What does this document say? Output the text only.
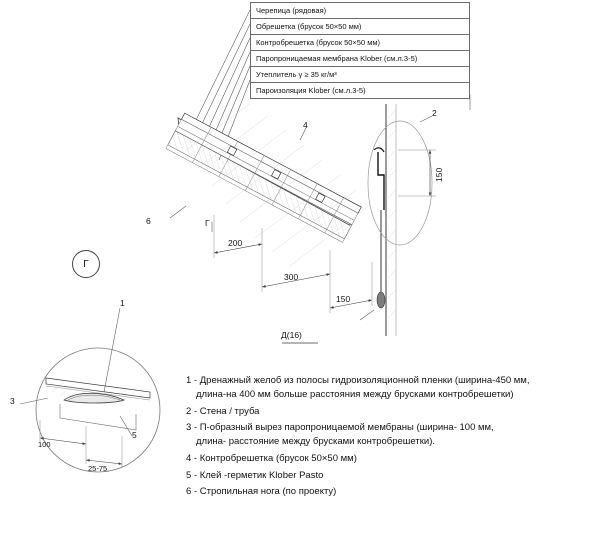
Черепица (рядовая)
Обрешетка (брусок 50×50 мм)
Контробрешетка (брусок 50×50 мм)
Паропроницаемая мембрана Klober (см.л.3-5)
Утеплитель γ ≥ 35 кг/м³
Пароизоляция Klober (см.л.3-5)
4
2
6	Г
1
3
5
Д(16)
Г
150
200
300
150
100
25-75
1 - Дренажный желоб из полосы гидроизоляционной пленки (ширина-450 мм,
длина-на 400 мм больше расстояния между брусками контробрешетки)
2 - Стена / труба
3 - П-образный вырез паропроницаемой мембраны (ширина- 100 мм,
длина- расстояние между брусками контробрешетки).
4 - Контробрешетка (брусок 50×50 мм)
5 - Клей -герметик Klober Pasto
6 - Стропильная нога (по проекту)
